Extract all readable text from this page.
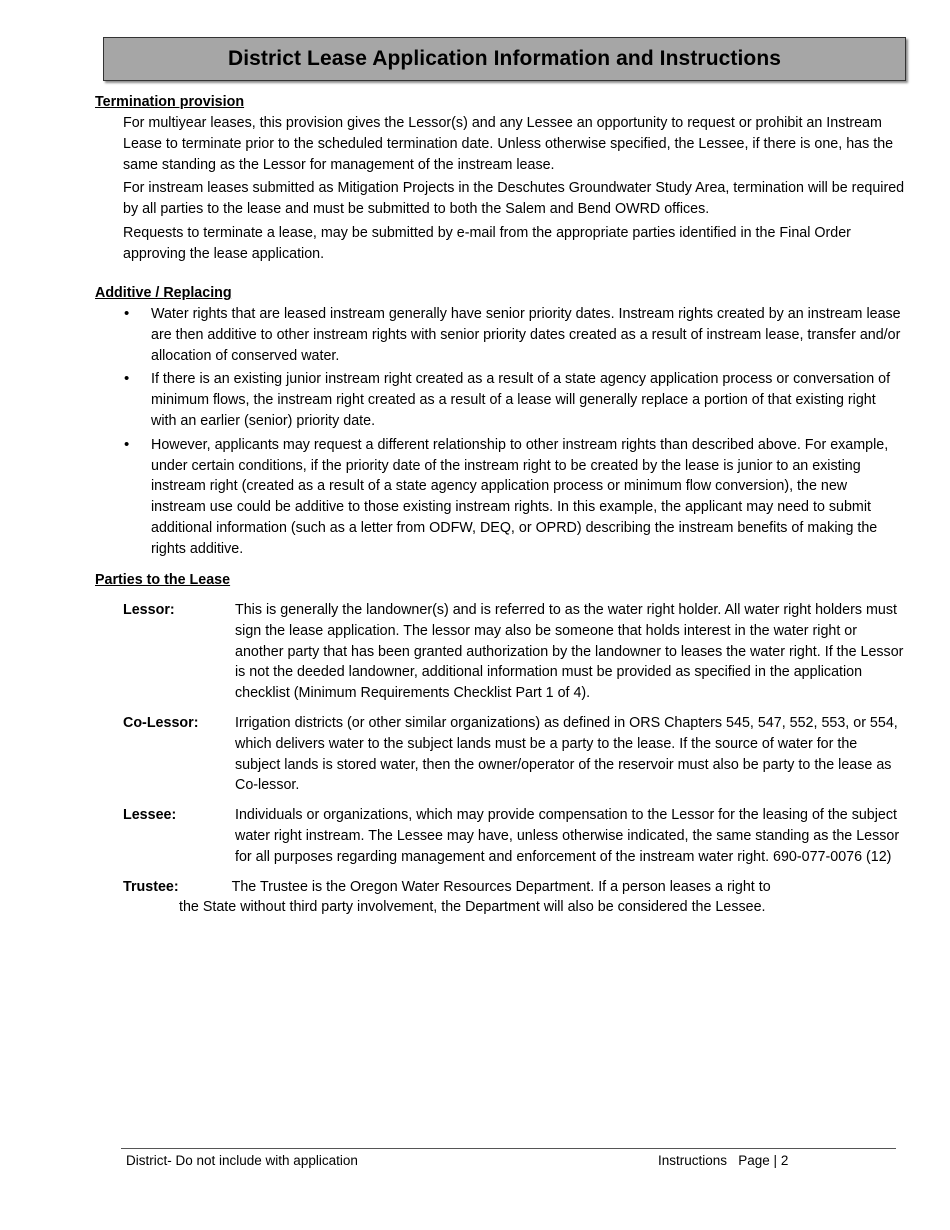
District Lease Application Information and Instructions

Termination provision

For multiyear leases, this provision gives the Lessor(s) and any Lessee an opportunity to request or prohibit an Instream Lease to terminate prior to the scheduled termination date. Unless otherwise specified, the Lessee, if there is one, has the same standing as the Lessor for management of the instream lease.

For instream leases submitted as Mitigation Projects in the Deschutes Groundwater Study Area, termination will be required by all parties to the lease and must be submitted to both the Salem and Bend OWRD offices.

Requests to terminate a lease, may be submitted by e-mail from the appropriate parties identified in the Final Order approving the lease application.

Additive / Replacing

• Water rights that are leased instream generally have senior priority dates. Instream rights created by an instream lease are then additive to other instream rights with senior priority dates created as a result of instream lease, transfer and/or allocation of conserved water.
• If there is an existing junior instream right created as a result of a state agency application process or conversation of minimum flows, the instream right created as a result of a lease will generally replace a portion of that existing right with an earlier (senior) priority date.
• However, applicants may request a different relationship to other instream rights than described above. For example, under certain conditions, if the priority date of the instream right to be created by the lease is junior to an existing instream right (created as a result of a state agency application process or minimum flow conversion), the new instream use could be additive to those existing instream rights. In this example, the applicant may need to submit additional information (such as a letter from ODFW, DEQ, or OPRD) describing the instream benefits of making the rights additive.

Parties to the Lease

Lessor:	This is generally the landowner(s) and is referred to as the water right holder. All water right holders must sign the lease application. The lessor may also be someone that holds interest in the water right or another party that has been granted authorization by the landowner to leases the water right. If the Lessor is not the deeded landowner, additional information must be provided as specified in the application checklist (Minimum Requirements Checklist Part 1 of 4).
Co-Lessor:	Irrigation districts (or other similar organizations) as defined in ORS Chapters 545, 547, 552, 553, or 554, which delivers water to the subject lands must be a party to the lease. If the source of water for the subject lands is stored water, then the owner/operator of the reservoir must also be party to the lease as Co-lessor.
Lessee:	Individuals or organizations, which may provide compensation to the Lessor for the leasing of the subject water right instream. The Lessee may have, unless otherwise indicated, the same standing as the Lessor for all purposes regarding management and enforcement of the instream water right. 690-077-0076 (12)
Trustee:	The Trustee is the Oregon Water Resources Department. If a person leases a right to
the State without third party involvement, the Department will also be considered the Lessee.
District- Do not include with application	Instructions   Page | 2
